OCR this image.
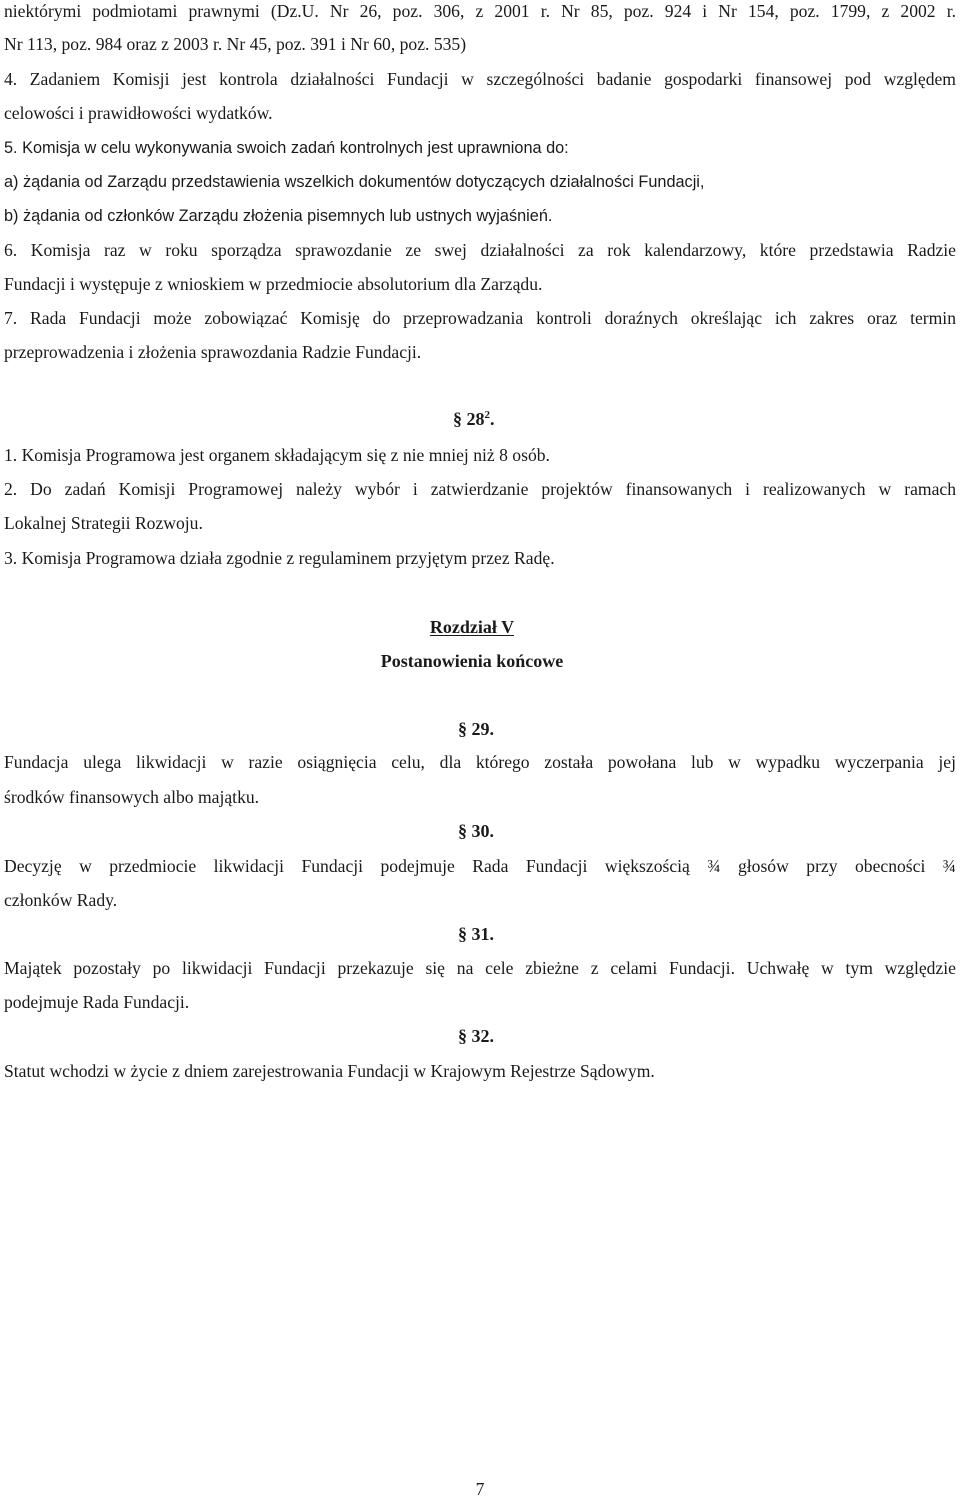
niektórymi podmiotami prawnymi (Dz.U. Nr 26, poz. 306, z 2001 r. Nr 85, poz. 924 i Nr 154, poz. 1799, z 2002 r.
Nr 113, poz. 984 oraz z 2003 r. Nr 45, poz. 391 i Nr 60, poz. 535)
4. Zadaniem Komisji jest kontrola działalności Fundacji w szczególności badanie gospodarki finansowej pod względem
celowości i prawidłowości wydatków.
5. Komisja w celu wykonywania swoich zadań kontrolnych jest uprawniona do:
a) żądania od Zarządu przedstawienia wszelkich dokumentów dotyczących działalności Fundacji,
b) żądania od członków Zarządu złożenia pisemnych lub ustnych wyjaśnień.
6. Komisja raz w roku sporządza sprawozdanie ze swej działalności za rok kalendarzowy, które przedstawia Radzie
Fundacji i występuje z wnioskiem w przedmiocie absolutorium dla Zarządu.
7. Rada Fundacji może zobowiązać Komisję do przeprowadzania kontroli doraźnych określając ich zakres oraz termin
przeprowadzenia i złożenia sprawozdania Radzie Fundacji.
§ $28^2$.
1. Komisja Programowa jest organem składającym się z nie mniej niż 8 osób.
2. Do zadań Komisji Programowej należy wybór i zatwierdzanie projektów finansowanych i realizowanych w ramach
Lokalnej Strategii Rozwoju.
3. Komisja Programowa działa zgodnie z regulaminem przyjętym przez Radę.
Rozdział V
Postanowienia końcowe
§ 29.
Fundacja ulega likwidacji w razie osiągnięcia celu, dla którego została powołana lub w wypadku wyczerpania jej
środków finansowych albo majątku.
§ 30.
Decyzję w przedmiocie likwidacji Fundacji podejmuje Rada Fundacji większością ¾ głosów przy obecności ¾
członków Rady.
§ 31.
Majątek pozostały po likwidacji Fundacji przekazuje się na cele zbieżne z celami Fundacji. Uchwałę w tym względzie
podejmuje Rada Fundacji.
§ 32.
Statut wchodzi w życie z dniem zarejestrowania Fundacji w Krajowym Rejestrze Sądowym.
7
